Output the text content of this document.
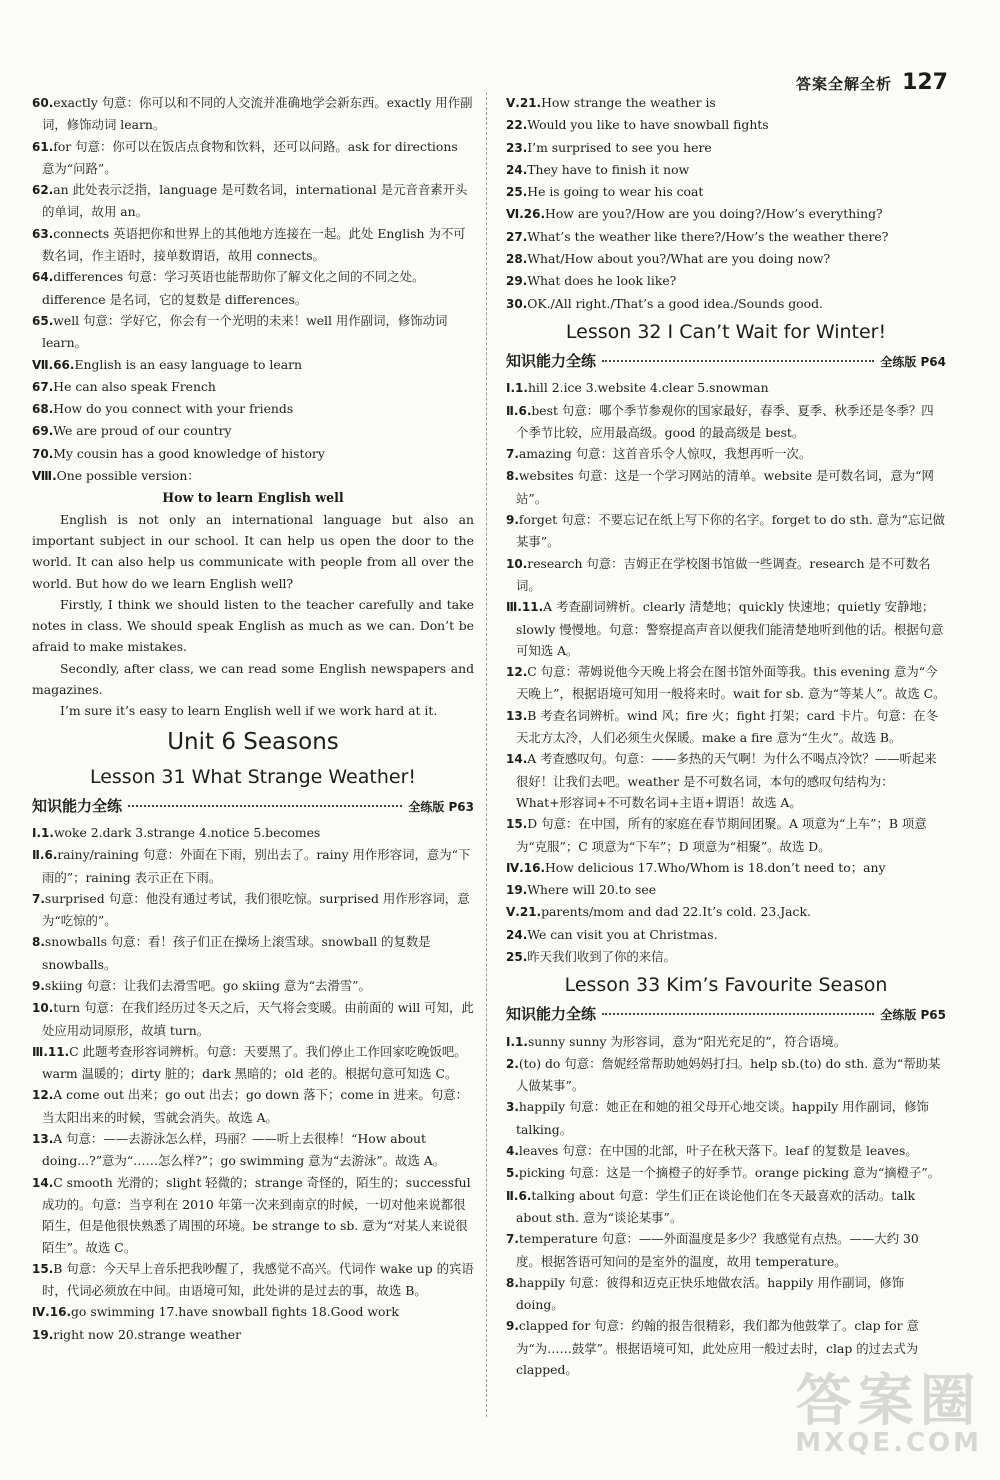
答案全解全析 127
60.exactly 句意：你可以和不同的人交流并准确地学会新东西。exactly 用作副词，修饰动词 learn。
61.for 句意：你可以在饭店点食物和饮料，还可以问路。ask for directions 意为“问路”。
62.an 此处表示泛指，language 是可数名词，international 是元音音素开头的单词，故用 an。
63.connects 英语把你和世界上的其他地方连接在一起。此处 English 为不可数名词，作主语时，接单数谓语，故用 connects。
64.differences 句意：学习英语也能帮助你了解文化之间的不同之处。difference 是名词，它的复数是 differences。
65.well 句意：学好它，你会有一个光明的未来！well 用作副词，修饰动词 learn。
Ⅶ.66.English is an easy language to learn
67.He can also speak French
68.How do you connect with your friends
69.We are proud of our country
70.My cousin has a good knowledge of history
Ⅷ.One possible version：
How to learn English well
English is not only an international language but also an important subject in our school. It can help us open the door to the world. It can also help us communicate with people from all over the world. But how do we learn English well?
Firstly, I think we should listen to the teacher carefully and take notes in class. We should speak English as much as we can. Don’t be afraid to make mistakes.
Secondly, after class, we can read some English newspapers and magazines.
I’m sure it’s easy to learn English well if we work hard at it.
Unit 6 Seasons
Lesson 31 What Strange Weather!
知识能力全练	全练版 P63
Ⅰ.1.woke 2.dark 3.strange 4.notice 5.becomes
Ⅱ.6.rainy/raining 句意：外面在下雨，别出去了。rainy 用作形容词，意为“下雨的”；raining 表示正在下雨。
7.surprised 句意：他没有通过考试，我们很吃惊。surprised 用作形容词，意为“吃惊的”。
8.snowballs 句意：看！孩子们正在操场上滚雪球。snowball 的复数是 snowballs。
9.skiing 句意：让我们去滑雪吧。go skiing 意为“去滑雪”。
10.turn 句意：在我们经历过冬天之后，天气将会变暖。由前面的 will 可知，此处应用动词原形，故填 turn。
Ⅲ.11.C 此题考查形容词辨析。句意：天要黑了。我们停止工作回家吃晚饭吧。warm 温暖的；dirty 脏的；dark 黑暗的；old 老的。根据句意可知选 C。
12.A come out 出来；go out 出去；go down 落下；come in 进来。句意：当太阳出来的时候，雪就会消失。故选 A。
13.A 句意：——去游泳怎么样，玛丽？——听上去很棒！“How about doing...?”意为“……怎么样?”；go swimming 意为“去游泳”。故选 A。
14.C smooth 光滑的；slight 轻微的；strange 奇怪的，陌生的；successful 成功的。句意：当亨利在 2010 年第一次来到南京的时候，一切对他来说都很陌生，但是他很快熟悉了周围的环境。be strange to sb. 意为“对某人来说很陌生”。故选 C。
15.B 句意：今天早上音乐把我吵醒了，我感觉不高兴。代词作 wake up 的宾语时，代词必须放在中间。由语境可知，此处讲的是过去的事，故选 B。
Ⅳ.16.go swimming 17.have snowball fights 18.Good work
19.right now 20.strange weather
Ⅴ.21.How strange the weather is
22.Would you like to have snowball fights
23.I’m surprised to see you here
24.They have to finish it now
25.He is going to wear his coat
Ⅵ.26.How are you?/How are you doing?/How’s everything?
27.What’s the weather like there?/How’s the weather there?
28.What/How about you?/What are you doing now?
29.What does he look like?
30.OK./All right./That’s a good idea./Sounds good.
Lesson 32 I Can’t Wait for Winter!
知识能力全练	全练版 P64
Ⅰ.1.hill 2.ice 3.website 4.clear 5.snowman
Ⅱ.6.best 句意：哪个季节参观你的国家最好，春季、夏季、秋季还是冬季？四个季节比较，应用最高级。good 的最高级是 best。
7.amazing 句意：这首音乐令人惊叹，我想再听一次。
8.websites 句意：这是一个学习网站的清单。website 是可数名词，意为“网站”。
9.forget 句意：不要忘记在纸上写下你的名字。forget to do sth. 意为“忘记做某事”。
10.research 句意：吉姆正在学校图书馆做一些调查。research 是不可数名词。
Ⅲ.11.A 考查副词辨析。clearly 清楚地；quickly 快速地；quietly 安静地；slowly 慢慢地。句意：警察提高声音以便我们能清楚地听到他的话。根据句意可知选 A。
12.C 句意：蒂姆说他今天晚上将会在图书馆外面等我。this evening 意为“今天晚上”，根据语境可知用一般将来时。wait for sb. 意为“等某人”。故选 C。
13.B 考查名词辨析。wind 风；fire 火；fight 打架；card 卡片。句意：在冬天北方太冷，人们必须生火保暖。make a fire 意为“生火”。故选 B。
14.A 考查感叹句。句意：——多热的天气啊！为什么不喝点冷饮？——听起来很好！让我们去吧。weather 是不可数名词，本句的感叹句结构为：What+形容词+不可数名词+主语+谓语！故选 A。
15.D 句意：在中国，所有的家庭在春节期间团聚。A 项意为“上车”；B 项意为“克服”；C 项意为“下车”；D 项意为“相聚”。故选 D。
Ⅳ.16.How delicious 17.Who/Whom is 18.don’t need to；any
19.Where will 20.to see
Ⅴ.21.parents/mom and dad 22.It’s cold. 23.Jack.
24.We can visit you at Christmas.
25.昨天我们收到了你的来信。
Lesson 33 Kim’s Favourite Season
知识能力全练	全练版 P65
Ⅰ.1.sunny sunny 为形容词，意为“阳光充足的”，符合语境。
2.(to) do 句意：詹妮经常帮助她妈妈打扫。help sb.(to) do sth. 意为“帮助某人做某事”。
3.happily 句意：她正在和她的祖父母开心地交谈。happily 用作副词，修饰 talking。
4.leaves 句意：在中国的北部，叶子在秋天落下。leaf 的复数是 leaves。
5.picking 句意：这是一个摘橙子的好季节。orange picking 意为“摘橙子”。
Ⅱ.6.talking about 句意：学生们正在谈论他们在冬天最喜欢的活动。talk about sth. 意为“谈论某事”。
7.temperature 句意：——外面温度是多少？我感觉有点热。——大约 30 度。根据答语可知问的是室外的温度，故用 temperature。
8.happily 句意：彼得和迈克正快乐地做农活。happily 用作副词，修饰 doing。
9.clapped for 句意：约翰的报告很精彩，我们都为他鼓掌了。clap for 意为“为……鼓掌”。根据语境可知，此处应用一般过去时，clap 的过去式为 clapped。	答案圈
MXQE.COM
